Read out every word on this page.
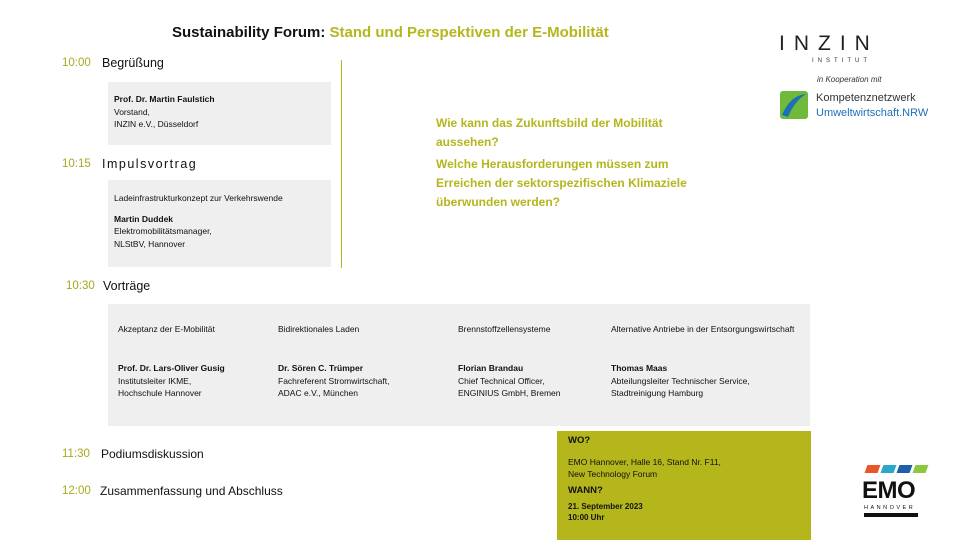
Sustainability Forum: Stand und Perspektiven der E-Mobilität
10:00 Begrüßung
Prof. Dr. Martin Faulstich
Vorstand,
INZIN e.V., Düsseldorf
10:15 Impulsvortrag
Ladeinfrastrukturkonzept zur Verkehrswende
Martin Duddek
Elektromobilitätsmanager,
NLStBV, Hannover
Wie kann das Zukunftsbild der Mobilität aussehen?
Welche Herausforderungen müssen zum Erreichen der sektorspezifischen Klimaziele überwunden werden?
10:30 Vorträge
Akzeptanz der E-Mobilität
Prof. Dr. Lars-Oliver Gusig
Institutsleiter IKME,
Hochschule Hannover
Bidirektionales Laden
Dr. Sören C. Trümper
Fachreferent Stromwirtschaft,
ADAC e.V., München
Brennstoffzellensysteme
Florian Brandau
Chief Technical Officer,
ENGINIUS GmbH, Bremen
Alternative Antriebe in der Entsorgungswirtschaft
Thomas Maas
Abteilungsleiter Technischer Service,
Stadtreinigung Hamburg
11:30 Podiumsdiskussion
12:00 Zusammenfassung und Abschluss
WO?
EMO Hannover, Halle 16, Stand Nr. F11,
New Technology Forum
WANN?
21. September 2023
10:00 Uhr
INZIN
INSTITUT
in Kooperation mit
Kompetenznetzwerk
Umweltwirtschaft.NRW
EMO
HANNOVER
